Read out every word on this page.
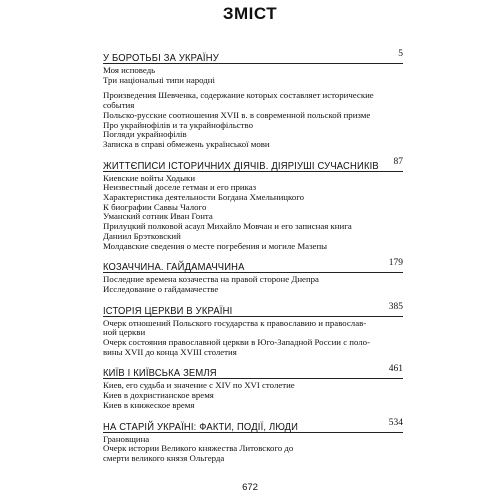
ЗМІСТ
У БОРОТЬБІ ЗА УКРАЇНУ	5
Моя исповедь
Три національні типи народні
Произведения Шевченка, содержание которых составляет исторические
события
Польско-русские соотношения XVII в. в современной польской призме
Про украйнофілів и та украйнофільство
Погляди украйнофілів
Записка в справі обмежень української мови
ЖИТТЄПИСИ ІСТОРИЧНИХ ДІЯЧІВ. ДІЯРІУШІ СУЧАСНИКІВ 87
Киевские войты Ходыки
Неизвестный доселе гетман и его приказ
Характеристика деятельности Богдана Хмельницкого
К биографии Саввы Чалого
Уманский сотник Иван Гонта
Прилуцкий полковой асаул Михайло Мовчан и его записная книга
Даниил Брэтковский
Молдавские сведения о месте погребения и могиле Мазепы
КОЗАЧЧИНА. ГАЙДАМАЧЧИНА	179
Последние времена козачества на правой стороне Днепра
Исследование о гайдамачестве
ІСТОРІЯ ЦЕРКВИ В УКРАЇНІ	385
Очерк отношений Польского государства к православию и православ-
ной церкви
Очерк состояния православной церкви в Юго-Западной России с поло-
вины XVII до конца XVIII столетия
КИЇВ І КИЇВСЬКА ЗЕМЛЯ	461
Киев, его судьба и значение с XIV по XVI столетие
Киев в дохристианское время
Киев в книжеское время
НА СТАРІЙ УКРАЇНІ: ФАКТИ, ПОДІЇ, ЛЮДИ	534
Грановщина
Очерк истории Великого княжества Литовского до
смерти великого князя Ольгерда
672
